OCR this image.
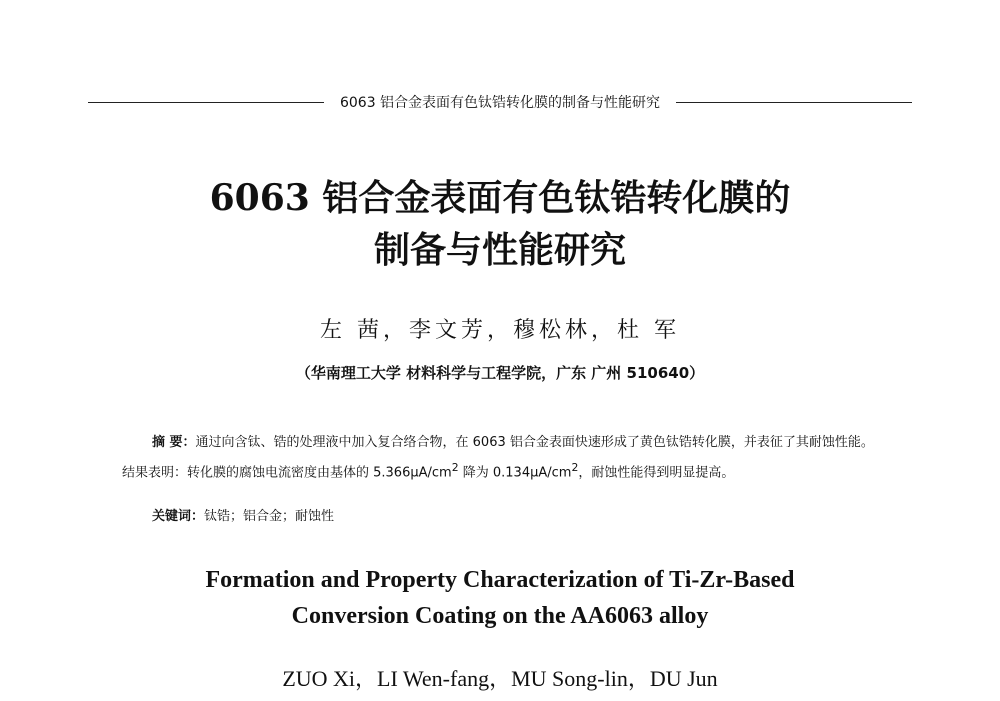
6063 铝合金表面有色钛锆转化膜的制备与性能研究
6063 铝合金表面有色钛锆转化膜的
制备与性能研究
左 茜，李文芳，穆松林，杜 军
（华南理工大学 材料科学与工程学院，广东 广州 510640）
摘 要：通过向含钛、锆的处理液中加入复合络合物，在 6063 铝合金表面快速形成了黄色钛锆转化膜，并表征了其耐蚀性能。结果表明：转化膜的腐蚀电流密度由基体的 $5.366\mu A/cm^2$ 降为 $0.134\mu A/cm^2$，耐蚀性能得到明显提高。
关键词：钛锆；铝合金；耐蚀性
Formation and Property Characterization of Ti-Zr-Based
Conversion Coating on the AA6063 alloy
ZUO Xi，LI Wen-fang，MU Song-lin，DU Jun
